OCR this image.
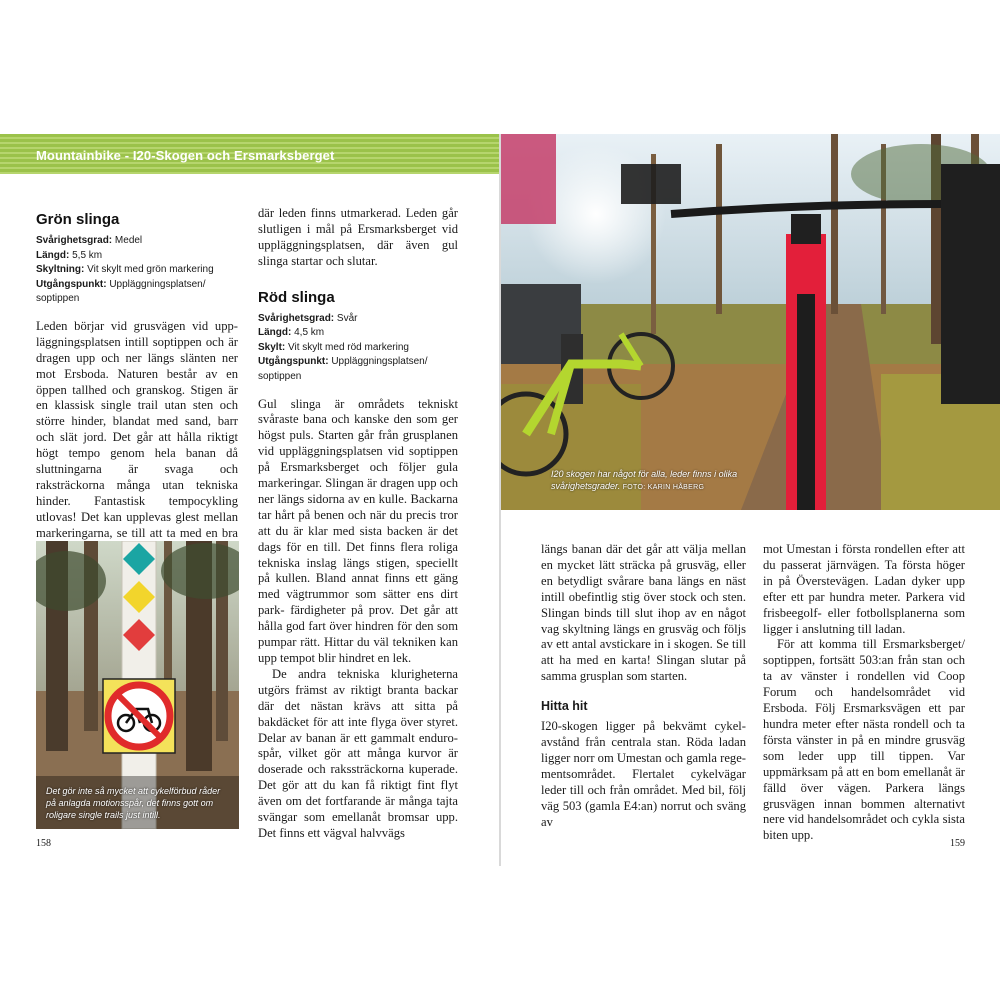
Mountainbike - I20-Skogen och Ersmarksberget
Grön slinga
Svårighetsgrad: Medel
Längd: 5,5 km
Skyltning: Vit skylt med grön markering
Utgångspunkt: Uppläggningsplatsen/ soptippen

Leden börjar vid grusvägen vid uppläggningsplatsen intill soptippen och är dragen upp och ner längs slänten ner mot Ersboda. Naturen består av en öppen tallhed och granskog. Stigen är en klassisk single trail utan sten och större hinder, blandat med sand, barr och slät jord. Det går att hålla riktigt högt tempo genom hela banan då sluttningarna är svaga och raksträckorna många utan tekniska hinder. Fantastisk tempocykling utlovas! Det kan upplevas glest mellan markeringarna, se till att ta med en bra

Det gör inte så mycket att cykelförbud råder på anlagda motionsspår, det finns gott om roligare single trails just intill.

där leden finns utmarkerad. Leden går slutligen i mål på Ersmarksberget vid uppläggningsplatsen, där även gul slinga startar och slutar.

Röd slinga
Svårighetsgrad: Svår
Längd: 4,5 km
Skylt: Vit skylt med röd markering
Utgångspunkt: Uppläggningsplatsen/ soptippen

Gul slinga är områdets tekniskt svåraste bana och kanske den som ger högst puls. Starten går från grusplanen vid uppläggningsplatsen vid soptippen på Ersmarksberget och följer gula markeringar. Slingan är dragen upp och ner längs sidorna av en kulle. Backarna tar hårt på benen och när du precis tror att du är klar med sista backen är det dags för en till. Det finns flera roliga tekniska inslag längs stigen, speciellt på kullen. Bland annat finns ett gäng med vägtrummor som sätter ens dirt park- färdigheter på prov. Det går att hålla god fart över hindren för den som pumpar rätt. Hittar du väl tekniken kan upp tempot blir hindret en lek.

De andra tekniska klurigheterna utgörs främst av riktigt branta backar där det nästan krävs att sitta på bakdäcket för att inte flyga över styret. Delar av banan är ett gammalt endurospår, vilket gör att många kurvor är doserade och rakssträckorna kuperade. Det gör att du kan få riktigt fint flyt även om det fortfarande är många tajta svängar som emellanåt bromsar upp. Det finns ett vägval halvvägs

158
I20 skogen har något för alla, leder finns i olika svårighetsgrader. FOTO: KARIN HÅBERG

längs banan där det går att välja mellan en mycket lätt sträcka på grusväg, eller en betydligt svårare bana längs en näst intill obefintlig stig över stock och sten. Slingan binds till slut ihop av en något vag skyltning längs en grusväg och följs av ett antal avstickare in i skogen. Se till att ha med en karta! Slingan slutar på samma grusplan som starten.

Hitta hit

I20-skogen ligger på bekvämt cykelavstånd från centrala stan. Röda ladan ligger norr om Umestan och gamla regementsområdet. Flertalet cykelvägar leder till och från området. Med bil, följ väg 503 (gamla E4:an) norrut och sväng av

mot Umestan i första rondellen efter att du passerat järnvägen. Ta första höger in på Överstevägen. Ladan dyker upp efter ett par hundra meter. Parkera vid frisbeegolf- eller fotbollsplanerna som ligger i anslutning till ladan.

För att komma till Ersmarksberget/ soptippen, fortsätt 503:an från stan och ta av vänster i rondellen vid Coop Forum och handelsområdet vid Ersboda. Följ Ersmarksvägen ett par hundra meter efter nästa rondell och ta första vänster in på en mindre grusväg som leder upp till tippen. Var uppmärksam på att en bom emellanåt är fälld över vägen. Parkera längs grusvägen innan bommen alternativt nere vid handelsområdet och cykla sista biten upp.

159
